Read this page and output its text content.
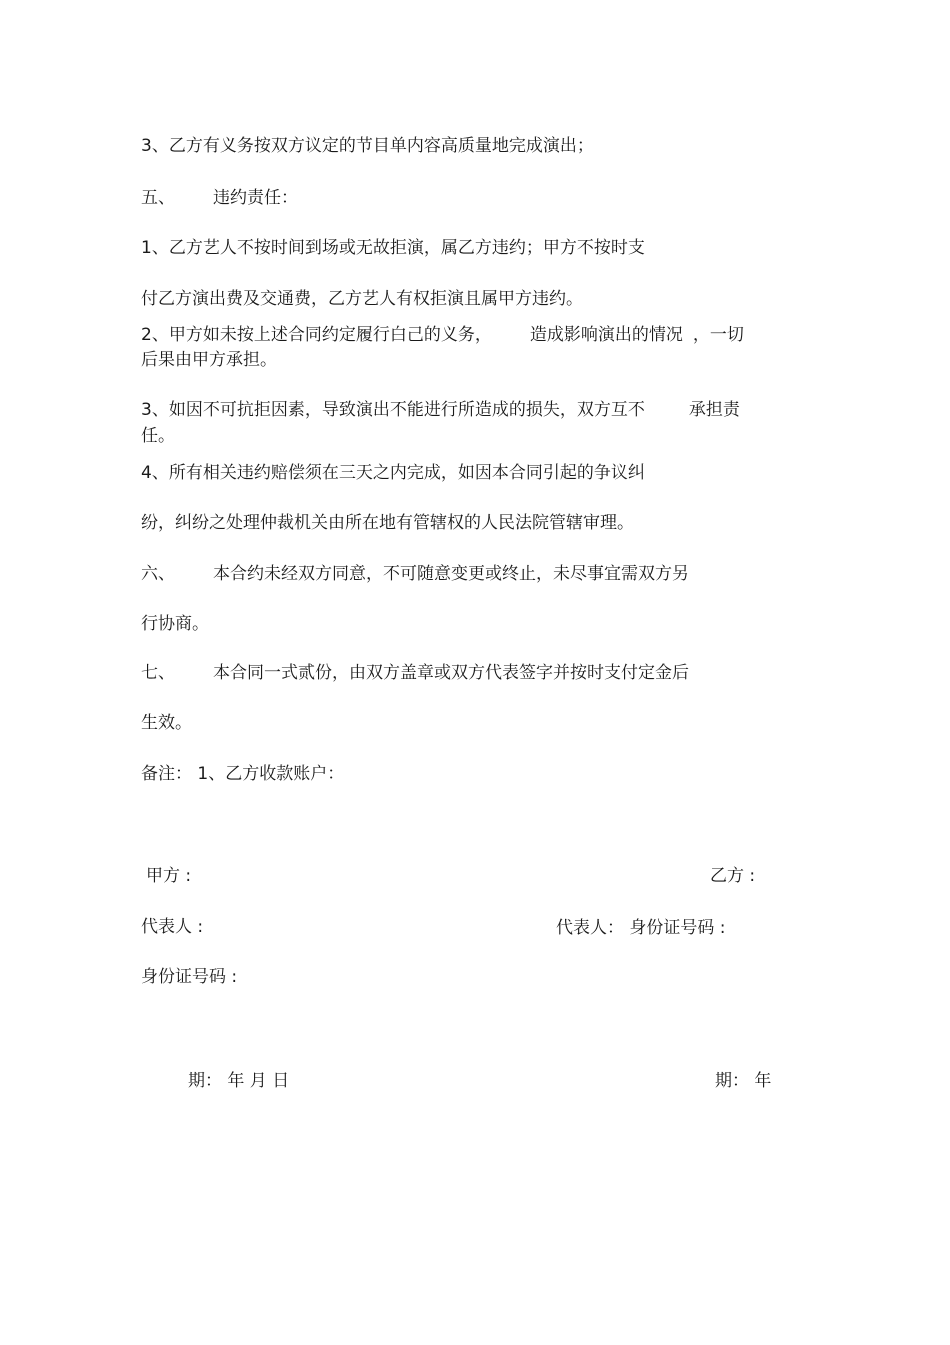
3、乙方有义务按双方议定的节目单内容高质量地完成演出；
五、 违约责任：
1、乙方艺人不按时间到场或无故拒演，属乙方违约；甲方不按时支
付乙方演出费及交通费，乙方艺人有权拒演且属甲方违约。
2、甲方如未按上述合同约定履行白己的义务， 造成影响演出的情况 ，一切
后果由甲方承担。
3、如因不可抗拒因素，导致演出不能进行所造成的损失，双方互不	承担责
任。
4、所有相关违约赔偿须在三天之内完成，如因本合同引起的争议纠
纷，纠纷之处理仲裁机关由所在地有管辖权的人民法院管辖审理。
六、 本合约未经双方同意，不可随意变更或终止，未尽事宜需双方另
行协商。
七、 本合同一式贰份，由双方盖章或双方代表签字并按时支付定金后
生效。
备注： 1、乙方收款账户：
甲方 :	乙方 :
代表人 :	代表人： 身份证号码 :
身份证号码 :
期： 年 月 日	期： 年
